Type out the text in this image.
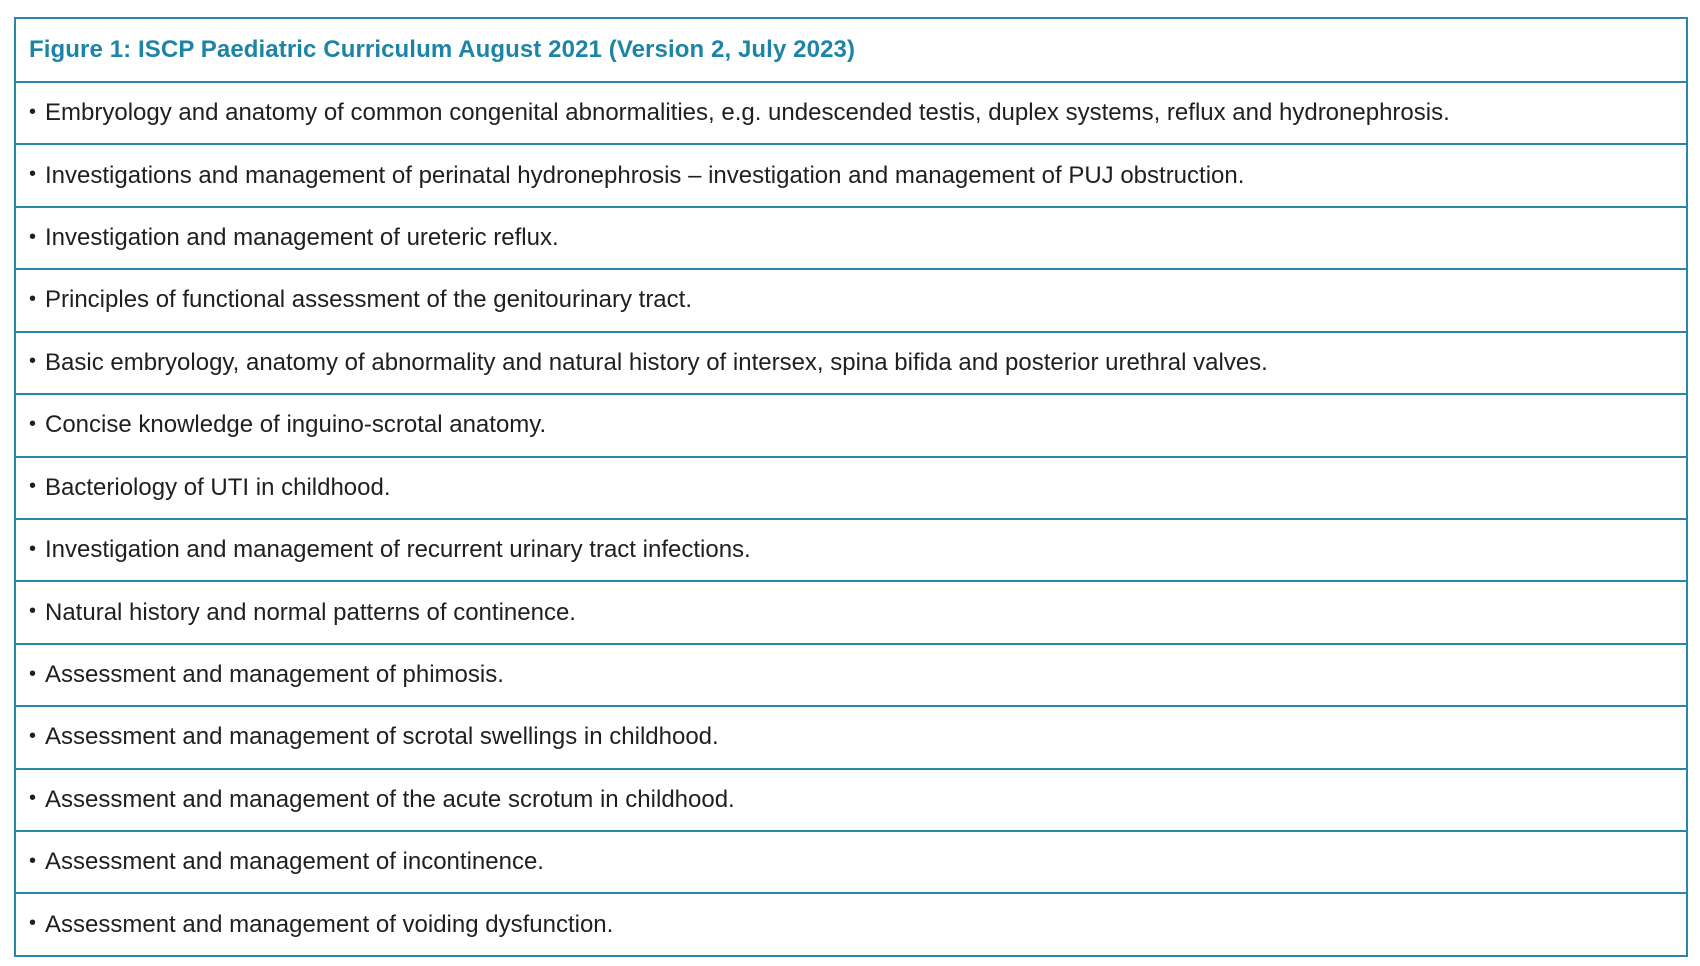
Figure 1: ISCP Paediatric Curriculum August 2021 (Version 2, July 2023)
• Embryology and anatomy of common congenital abnormalities, e.g. undescended testis, duplex systems, reflux and hydronephrosis.
• Investigations and management of perinatal hydronephrosis – investigation and management of PUJ obstruction.
• Investigation and management of ureteric reflux.
• Principles of functional assessment of the genitourinary tract.
• Basic embryology, anatomy of abnormality and natural history of intersex, spina bifida and posterior urethral valves.
• Concise knowledge of inguino-scrotal anatomy.
• Bacteriology of UTI in childhood.
• Investigation and management of recurrent urinary tract infections.
• Natural history and normal patterns of continence.
• Assessment and management of phimosis.
• Assessment and management of scrotal swellings in childhood.
• Assessment and management of the acute scrotum in childhood.
• Assessment and management of incontinence.
• Assessment and management of voiding dysfunction.
